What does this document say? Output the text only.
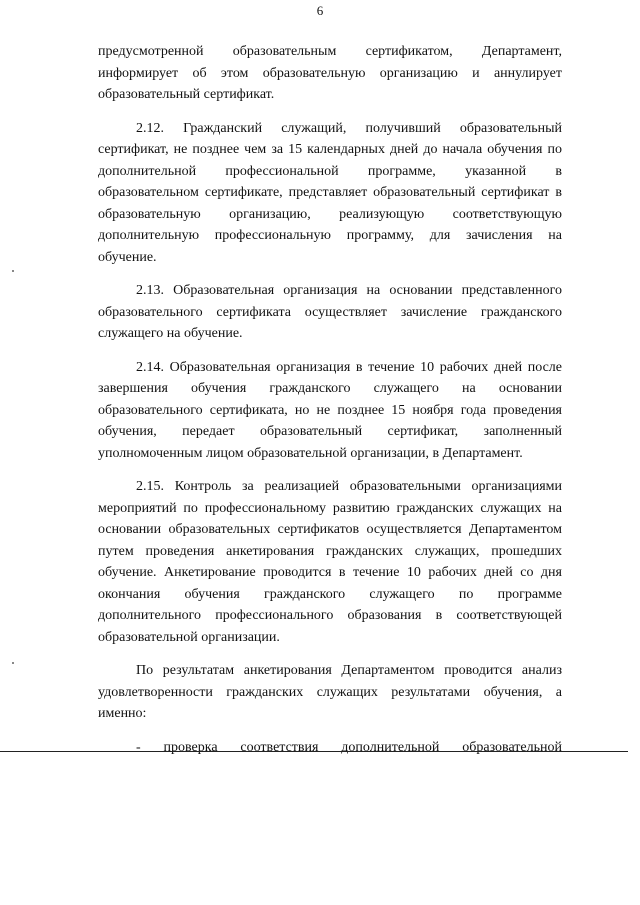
6

предусмотренной образовательным сертификатом, Департамент, информирует об этом образовательную организацию и аннулирует образовательный сертификат.

2.12. Гражданский служащий, получивший образовательный сертификат, не позднее чем за 15 календарных дней до начала обучения по дополнительной профессиональной программе, указанной в образовательном сертификате, представляет образовательный сертификат в образовательную организацию, реализующую соответствующую дополнительную профессиональную программу, для зачисления на обучение.

2.13. Образовательная организация на основании представленного образовательного сертификата осуществляет зачисление гражданского служащего на обучение.

2.14. Образовательная организация в течение 10 рабочих дней после завершения обучения гражданского служащего на основании образовательного сертификата, но не позднее 15 ноября года проведения обучения, передает образовательный сертификат, заполненный уполномоченным лицом образовательной организации, в Департамент.

2.15. Контроль за реализацией образовательными организациями мероприятий по профессиональному развитию гражданских служащих на основании образовательных сертификатов осуществляется Департаментом путем проведения анкетирования гражданских служащих, прошедших обучение. Анкетирование проводится в течение 10 рабочих дней со дня окончания обучения гражданского служащего по программе дополнительного профессионального образования в соответствующей образовательной организации.

По результатам анкетирования Департаментом проводится анализ удовлетворенности гражданских служащих результатами обучения, а именно:

- проверка соответствия дополнительной образовательной
